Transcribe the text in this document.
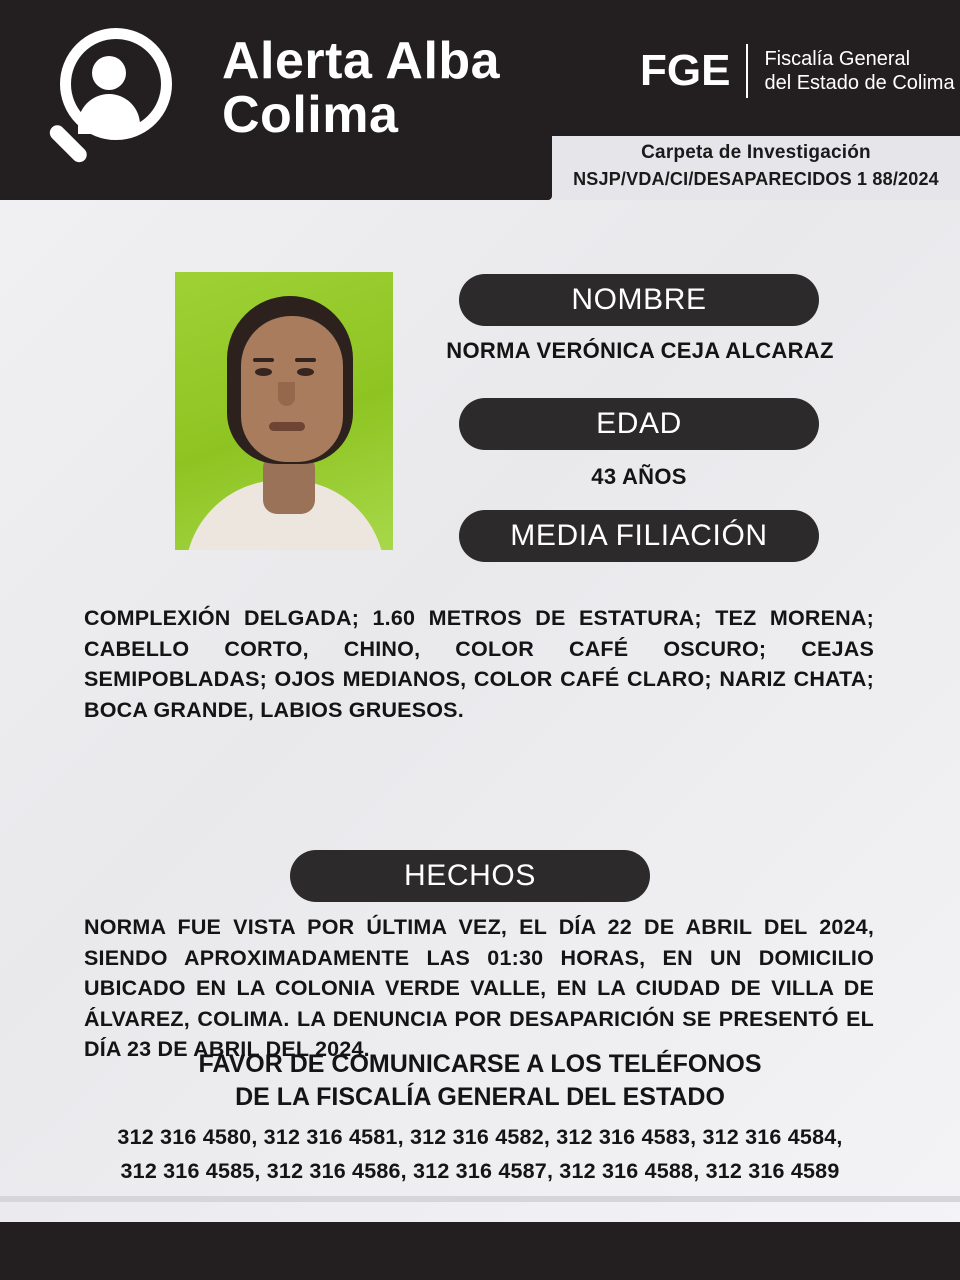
Alerta Alba
Colima
FGE	Fiscalía General
del Estado de Colima
Carpeta de Investigación
NSJP/VDA/CI/DESAPARECIDOS 1 88/2024
NOMBRE
NORMA VERÓNICA CEJA ALCARAZ
EDAD
43 AÑOS
MEDIA FILIACIÓN
COMPLEXIÓN DELGADA; 1.60 METROS DE ESTATURA; TEZ MORENA; CABELLO CORTO, CHINO, COLOR CAFÉ OSCURO; CEJAS SEMIPOBLADAS; OJOS MEDIANOS, COLOR CAFÉ CLARO; NARIZ CHATA; BOCA GRANDE, LABIOS GRUESOS.
HECHOS
NORMA FUE VISTA POR ÚLTIMA VEZ, EL DÍA 22 DE ABRIL DEL 2024, SIENDO APROXIMADAMENTE LAS 01:30 HORAS, EN UN DOMICILIO UBICADO EN LA COLONIA VERDE VALLE, EN LA CIUDAD DE VILLA DE ÁLVAREZ, COLIMA. LA DENUNCIA POR DESAPARICIÓN SE PRESENTÓ EL DÍA 23 DE ABRIL DEL 2024.
FAVOR DE COMUNICARSE A LOS TELÉFONOS
DE LA FISCALÍA GENERAL DEL ESTADO
312 316 4580, 312 316 4581, 312 316 4582, 312 316 4583, 312 316 4584,
312 316 4585, 312 316 4586, 312 316 4587, 312 316 4588, 312 316 4589
